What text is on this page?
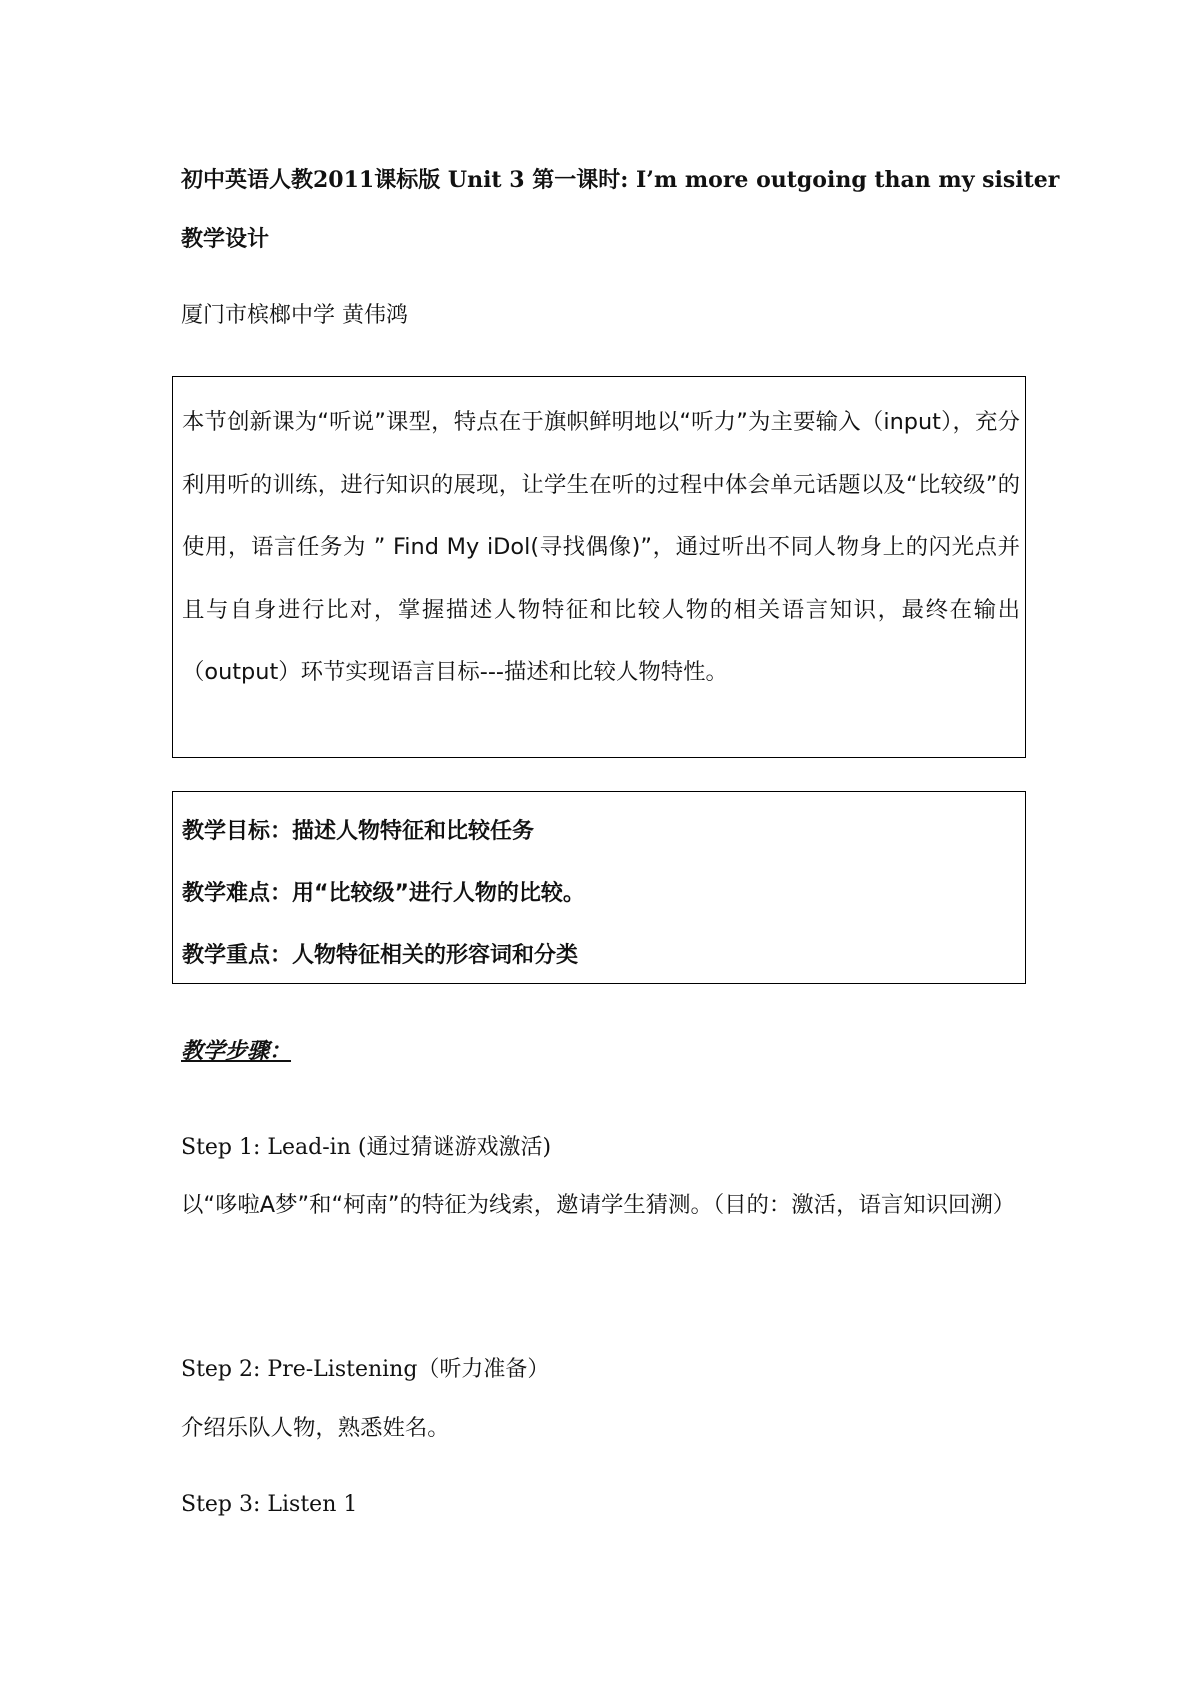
初中英语人教2011课标版 Unit 3 第一课时: I’m more outgoing than my sisiter

教学设计

厦门市槟榔中学 黄伟鸿

本节创新课为“听说”课型，特点在于旗帜鲜明地以“听力”为主要输入（input），充分利用听的训练，进行知识的展现，让学生在听的过程中体会单元话题以及“比较级”的使用，语言任务为 ” Find My iDol(寻找偶像)”，通过听出不同人物身上的闪光点并且与自身进行比对，掌握描述人物特征和比较人物的相关语言知识，最终在输出（output）环节实现语言目标---描述和比较人物特性。

教学目标：描述人物特征和比较任务

教学难点：用“比较级”进行人物的比较。

教学重点：人物特征相关的形容词和分类

教学步骤：

Step 1: Lead-in (通过猜谜游戏激活)

以“哆啦A梦”和“柯南”的特征为线索，邀请学生猜测。（目的：激活，语言知识回溯）

Step 2: Pre-Listening（听力准备）

介绍乐队人物，熟悉姓名。

Step 3: Listen 1
